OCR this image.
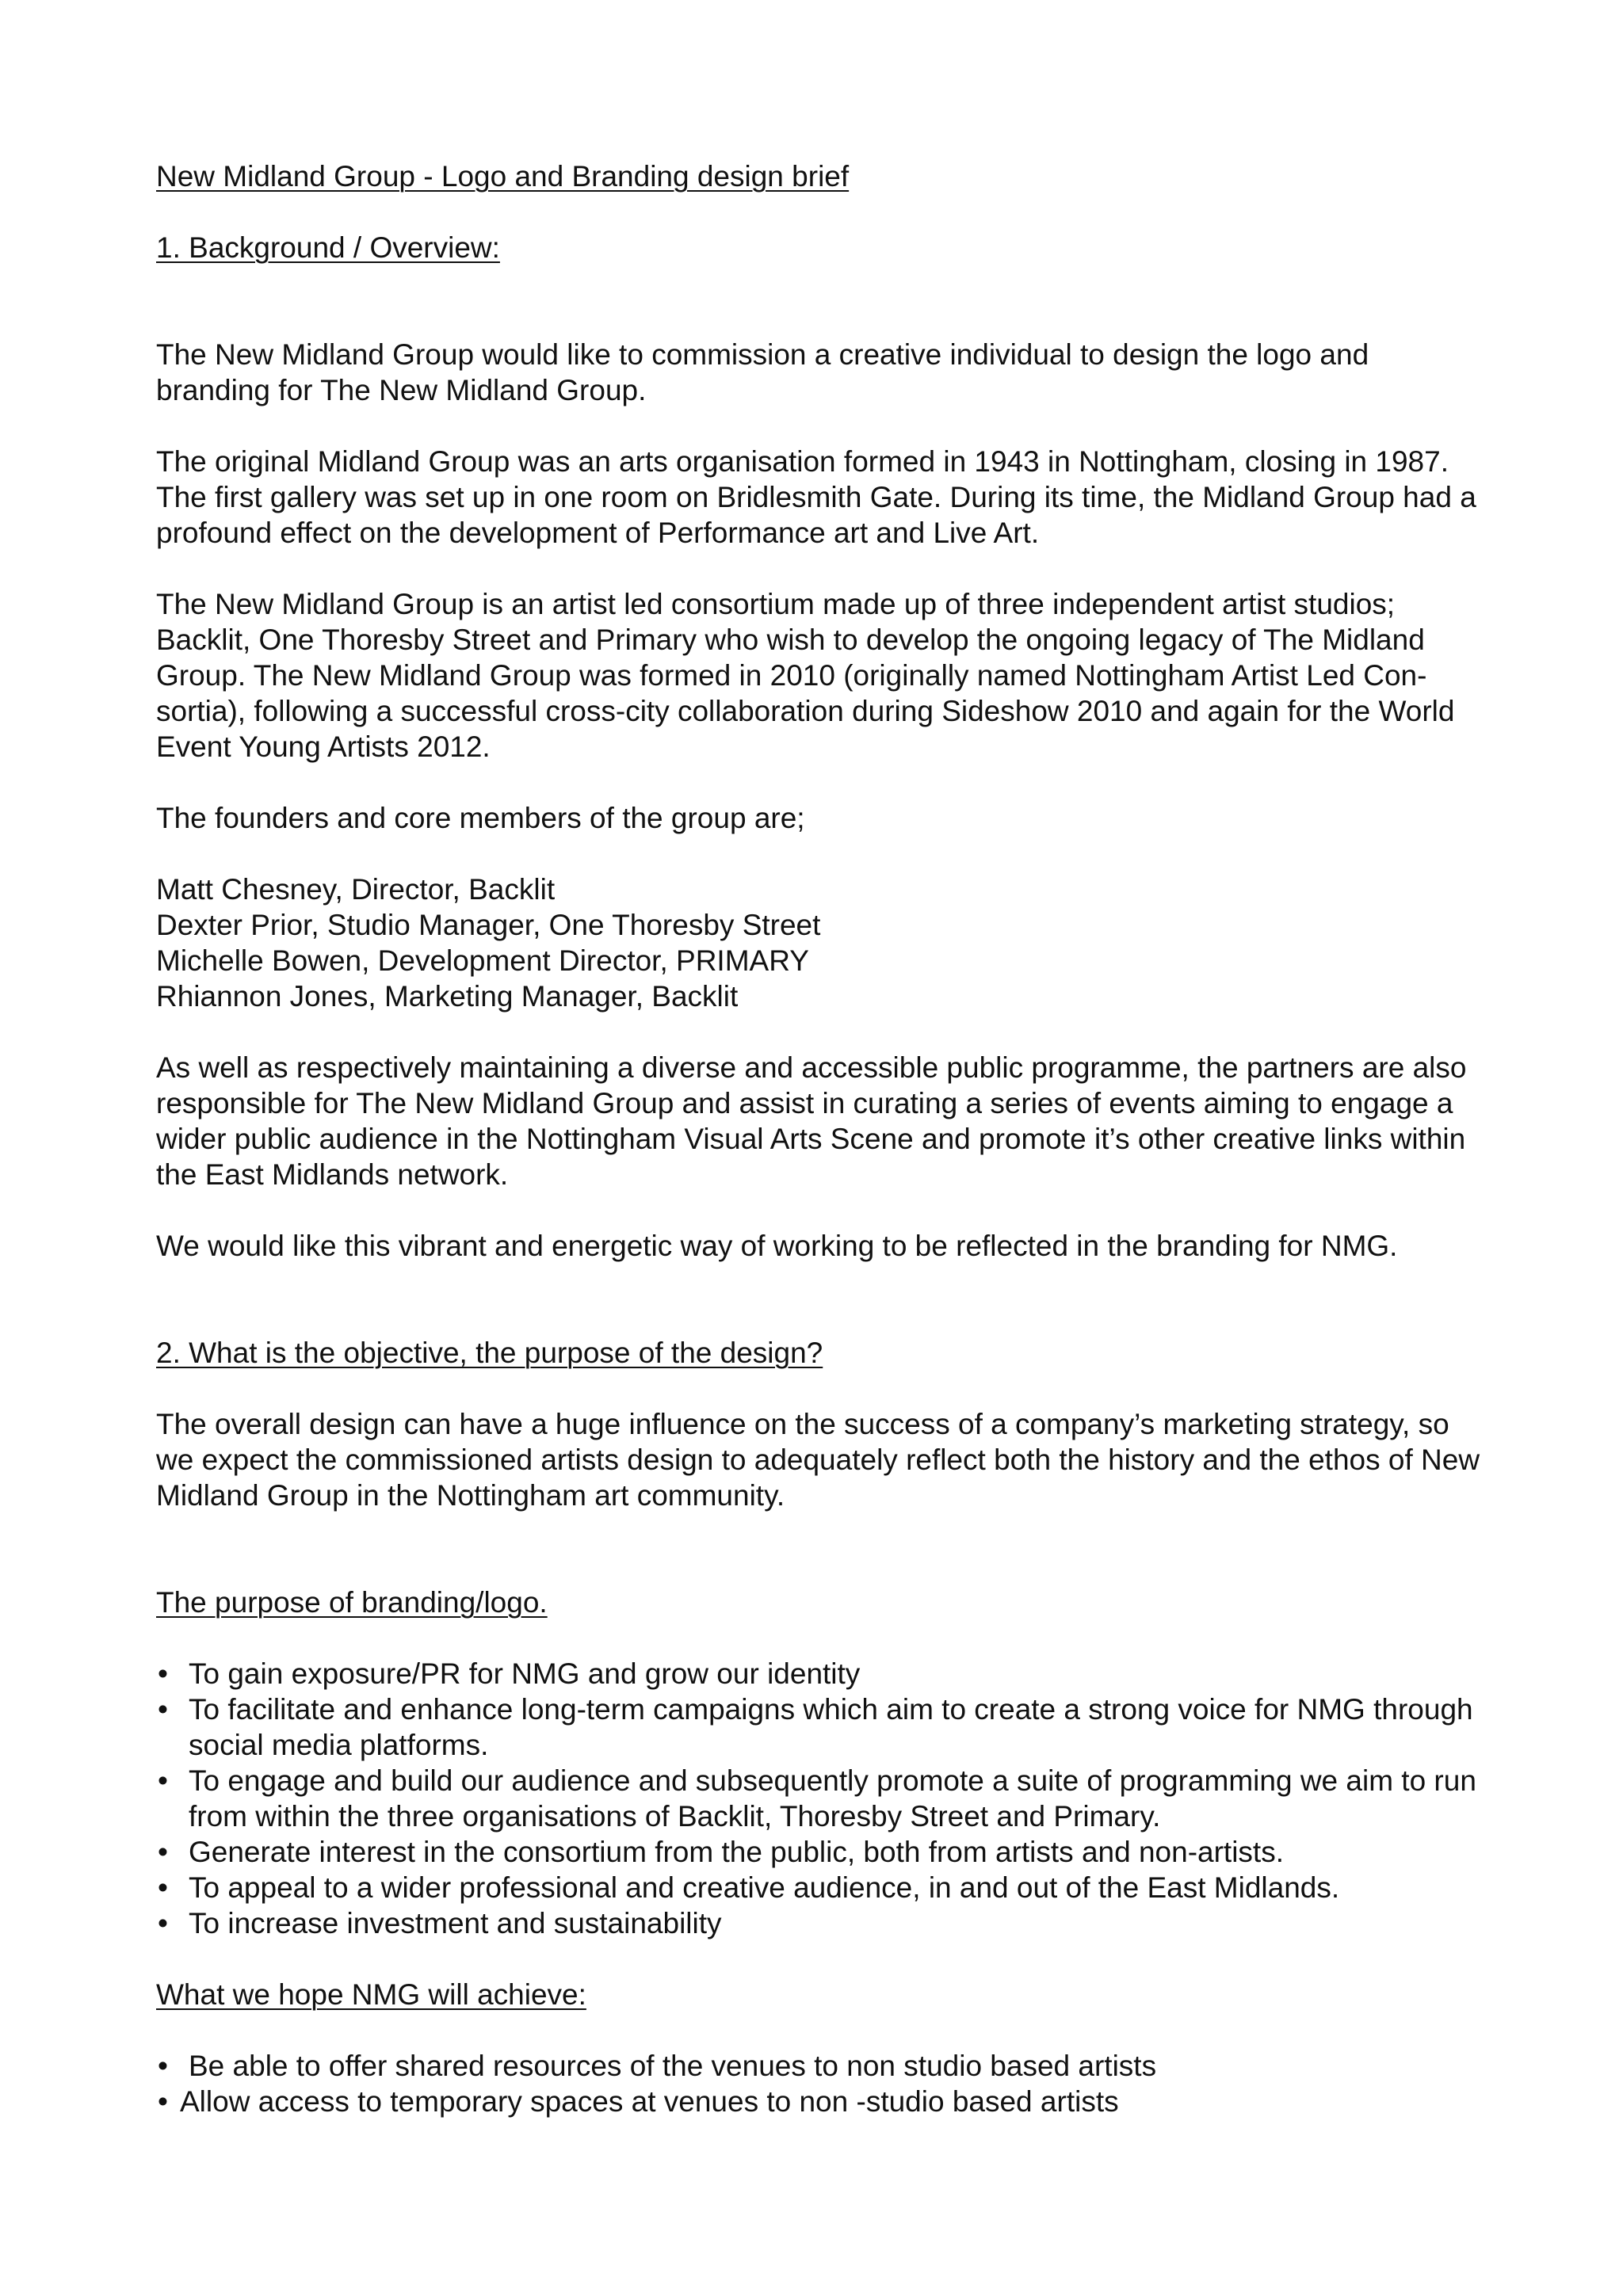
New Midland Group - Logo and Branding design brief
1. Background / Overview:

The New Midland Group would like to commission a creative individual to design the logo and branding for The New Midland Group.

The original Midland Group was an arts organisation formed in 1943 in Nottingham, closing in 1987. The first gallery was set up in one room on Bridlesmith Gate. During its time, the Midland Group had a profound effect on the development of Performance art and Live Art.

The New Midland Group is an artist led consortium made up of three independent artist studios; Backlit, One Thoresby Street and Primary who wish to develop the ongoing legacy of The Midland Group. The New Midland Group was formed in 2010 (originally named Nottingham Artist Led Consortia), following a successful cross-city collaboration during Sideshow 2010 and again for the World Event Young Artists 2012.

The founders and core members of the group are;

Matt Chesney, Director, Backlit
Dexter Prior, Studio Manager, One Thoresby Street
Michelle Bowen, Development Director, PRIMARY
Rhiannon Jones, Marketing Manager, Backlit

As well as respectively maintaining a diverse and accessible public programme, the partners are also responsible for The New Midland Group and assist in curating a series of events aiming to engage a wider public audience in the Nottingham Visual Arts Scene and promote it’s other creative links within the East Midlands network.

We would like this vibrant and energetic way of working to be reflected in the branding for NMG.

2. What is the objective, the purpose of the design?

The overall design can have a huge influence on the success of a company’s marketing strategy, so we expect the commissioned artists design to adequately reflect both the history and the ethos of New Midland Group in the Nottingham art community.

The purpose of branding/logo.
• To gain exposure/PR for NMG and grow our identity
• To facilitate and enhance long-term campaigns which aim to create a strong voice for NMG through social media platforms.
• To engage and build our audience and subsequently promote a suite of programming we aim to run from within the three organisations of Backlit, Thoresby Street and Primary.
• Generate interest in the consortium from the public, both from artists and non-artists.
• To appeal to a wider professional and creative audience, in and out of the East Midlands.
• To increase investment and sustainability
What we hope NMG will achieve:
• Be able to offer shared resources of the venues to non studio based artists
• Allow access to temporary spaces at venues to non -studio based artists
